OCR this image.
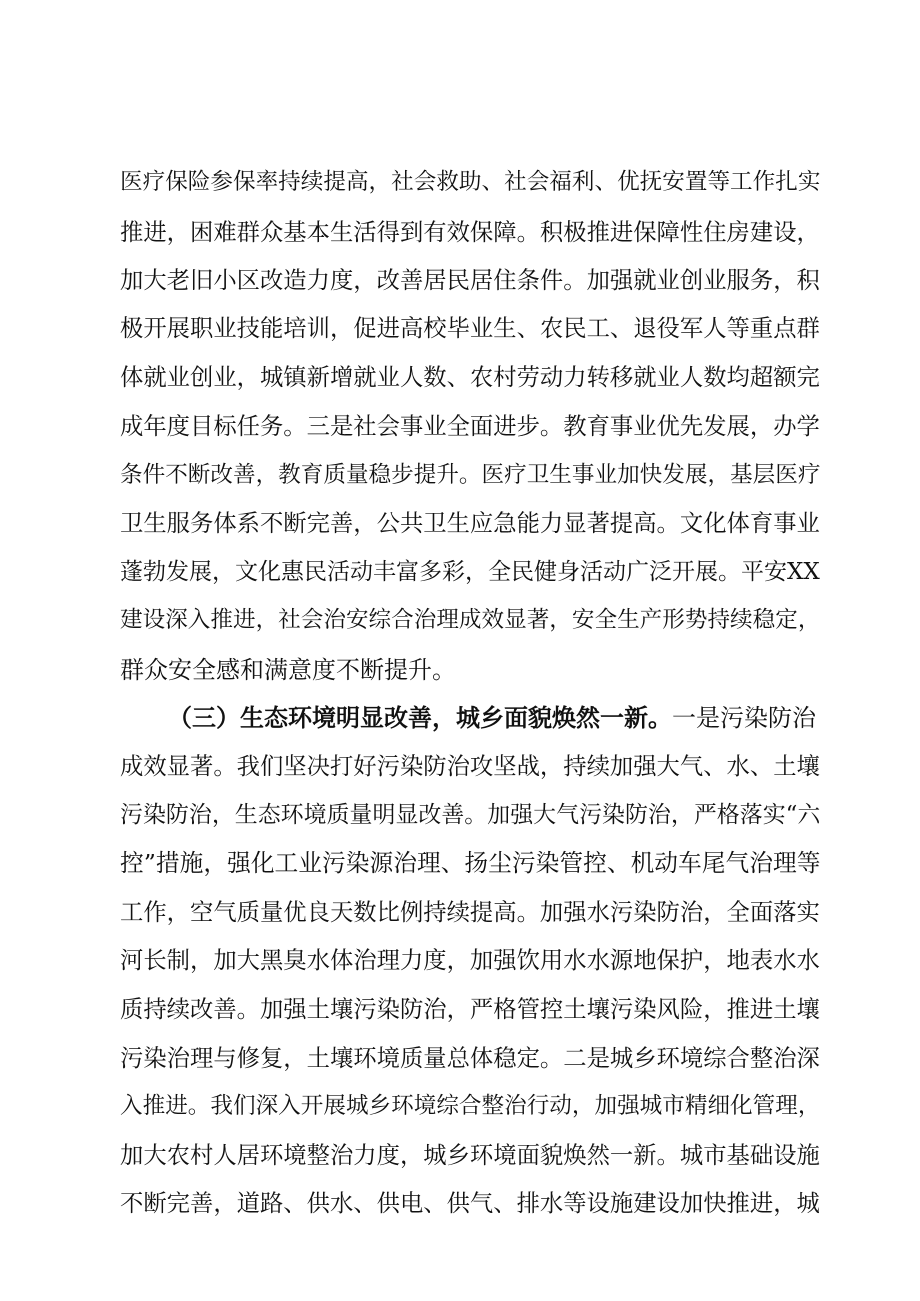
医 疗 保 险 参 保 率 持 续 提 高 ， 社 会 救 助 、 社 会 福 利 、 优 抚 安 置 等 工 作 扎 实
推 进 ， 困 难 群 众 基 本 生 活 得 到 有 效 保 障 。 积 极 推 进 保 障 性 住 房 建 设 ，
加 大 老 旧 小 区 改 造 力 度 ， 改 善 居 民 居 住 条 件 。 加 强 就 业 创 业 服 务 ， 积
极 开 展 职 业 技 能 培 训 ， 促 进 高 校 毕 业 生 、 农 民 工 、 退 役 军 人 等 重 点 群
体 就 业 创 业 ， 城 镇 新 增 就 业 人 数 、 农 村 劳 动 力 转 移 就 业 人 数 均 超 额 完
成 年 度 目 标 任 务 。 三 是 社 会 事 业 全 面 进 步 。 教 育 事 业 优 先 发 展 ， 办 学
条 件 不 断 改 善 ， 教 育 质 量 稳 步 提 升 。 医 疗 卫 生 事 业 加 快 发 展 ， 基 层 医 疗
卫 生 服 务 体 系 不 断 完 善 ， 公 共 卫 生 应 急 能 力 显 著 提 高 。 文 化 体 育 事 业
蓬 勃 发 展 ， 文 化 惠 民 活 动 丰 富 多 彩 ， 全 民 健 身 活 动 广 泛 开 展 。 平 安 X X
建 设 深 入 推 进 ， 社 会 治 安 综 合 治 理 成 效 显 著 ， 安 全 生 产 形 势 持 续 稳 定 ，
群众安全感和满意度不断提升。
（三）生态环境明显改善，城乡面貌焕然一新。 一是污染防治
成 效 显 著 。 我 们 坚 决 打 好 污 染 防 治 攻 坚 战 ， 持 续 加 强 大 气 、 水 、 土 壤
污 染 防 治 ， 生 态 环 境 质 量 明 显 改 善 。 加 强 大 气 污 染 防 治 ， 严 格 落 实 “ 六
控 ” 措 施 ， 强 化 工 业 污 染 源 治 理 、 扬 尘 污 染 管 控 、 机 动 车 尾 气 治 理 等
工 作 ， 空 气 质 量 优 良 天 数 比 例 持 续 提 高 。 加 强 水 污 染 防 治 ， 全 面 落 实
河 长 制 ， 加 大 黑 臭 水 体 治 理 力 度 ， 加 强 饮 用 水 水 源 地 保 护 ， 地 表 水 水
质 持 续 改 善 。 加 强 土 壤 污 染 防 治 ， 严 格 管 控 土 壤 污 染 风 险 ， 推 进 土 壤
污 染 治 理 与 修 复 ， 土 壤 环 境 质 量 总 体 稳 定 。 二 是 城 乡 环 境 综 合 整 治 深
入 推 进 。 我 们 深 入 开 展 城 乡 环 境 综 合 整 治 行 动 ， 加 强 城 市 精 细 化 管 理 ，
加 大 农 村 人 居 环 境 整 治 力 度 ， 城 乡 环 境 面 貌 焕 然 一 新 。 城 市 基 础 设 施
不 断 完 善 ， 道 路 、 供 水 、 供 电 、 供 气 、 排 水 等 设 施 建 设 加 快 推 进 ， 城
